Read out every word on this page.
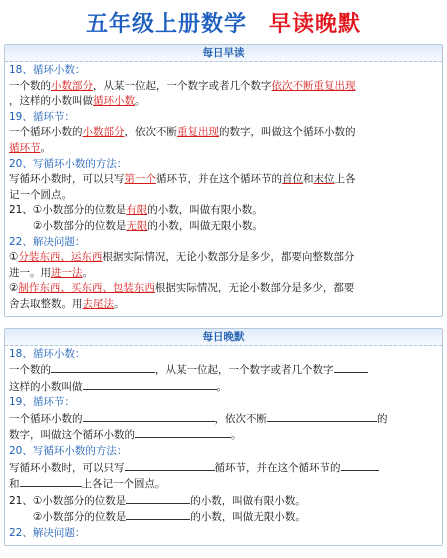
五年级上册数学 早读晚默
每日早读
18、循环小数：
一个数的小数部分，从某一位起，一个数字或者几个数字依次不断重复出现
，这样的小数叫做循环小数。
19、循环节：
一个循环小数的小数部分，依次不断重复出现的数字，叫做这个循环小数的
循环节。
20、写循环小数的方法：
写循环小数时，可以只写第一个循环节，并在这个循环节的首位和末位上各
记一个圆点。
21、①小数部分的位数是有限的小数，叫做有限小数。
②小数部分的位数是无限的小数，叫做无限小数。
22、解决问题：
①分装东西、运东西根据实际情况，无论小数部分是多少，都要向整数部分
进一。用进一法。
②制作东西、买东西、包装东西根据实际情况，无论小数部分是多少，都要
舍去取整数。用去尾法。
每日晚默
18、循环小数：
一个数的	，从某一位起，一个数字或者几个数字
这样的小数叫做	。
19、循环节：
一个循环小数的	，依次不断	的
数字，叫做这个循环小数的	。
20、写循环小数的方法：
写循环小数时，可以只写	循环节，并在这个循环节的
和	上各记一个圆点。
21、①小数部分的位数是	的小数，叫做有限小数。
②小数部分的位数是	的小数，叫做无限小数。
22、解决问题：
